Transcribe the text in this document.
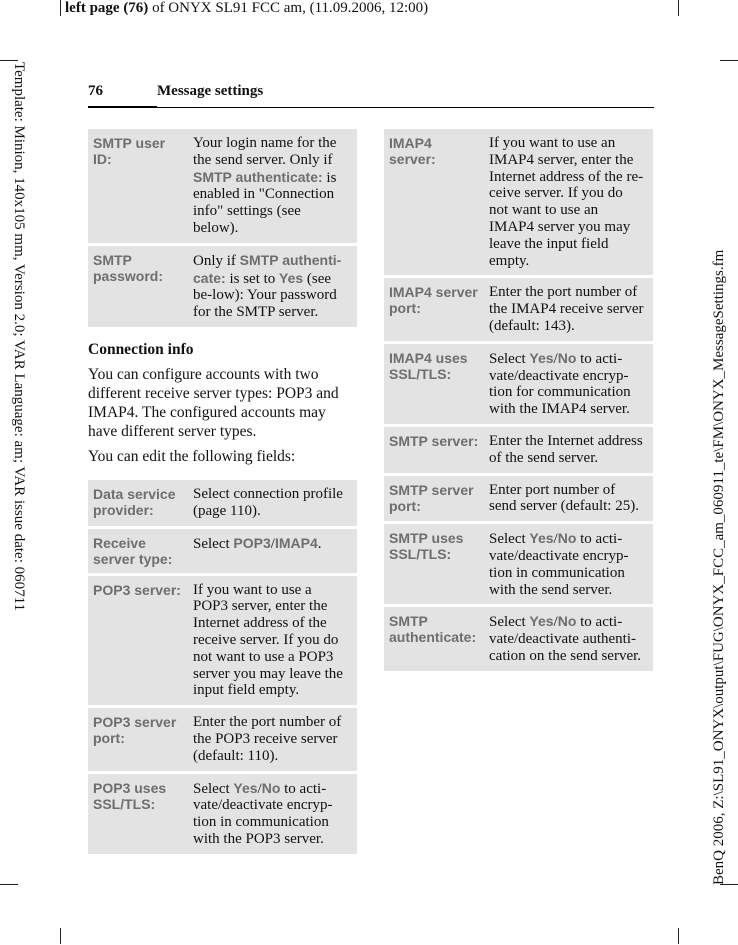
left page (76) of ONYX SL91 FCC am, (11.09.2006, 12:00)
Template: Minion, 140x105 mm, Version 2.0; VAR Language: am; VAR issue date: 060711	BenQ 2006, Z:\SL91_ONYX\output\FUG\ONYX_FCC_am_060911_te\FM\ONYX_MessageSettings.fm
76	Message settings
SMTP user ID:	Your login name for the the send server. Only if SMTP authenticate: is enabled in "Connection info" settings (see below).
SMTP password:	Only if SMTP authenti-cate: is set to Yes (see be-low): Your password for the SMTP server.
Connection info

You can configure accounts with two different receive server types: POP3 and IMAP4. The configured accounts may have different server types.

You can edit the following fields:

Data service provider:	Select connection profile (page 110).
Receive server type:	Select POP3/IMAP4.
POP3 server:	If you want to use a POP3 server, enter the Internet address of the receive server. If you do not want to use a POP3 server you may leave the input field empty.
POP3 server port:	Enter the port number of the POP3 receive server (default: 110).
POP3 uses SSL/TLS:	Select Yes/No to acti-vate/deactivate encryp-tion in communication with the POP3 server.
IMAP4 server:	If you want to use an IMAP4 server, enter the Internet address of the re-ceive server. If you do not want to use an IMAP4 server you may leave the input field empty.
IMAP4 server port:	Enter the port number of the IMAP4 receive server (default: 143).
IMAP4 uses SSL/TLS:	Select Yes/No to acti-vate/deactivate encryp-tion for communication with the IMAP4 server.
SMTP server:	Enter the Internet address of the send server.
SMTP server port:	Enter port number of send server (default: 25).
SMTP uses SSL/TLS:	Select Yes/No to acti-vate/deactivate encryp-tion in communication with the send server.
SMTP authenticate:	Select Yes/No to acti-vate/deactivate authenti-cation on the send server.
